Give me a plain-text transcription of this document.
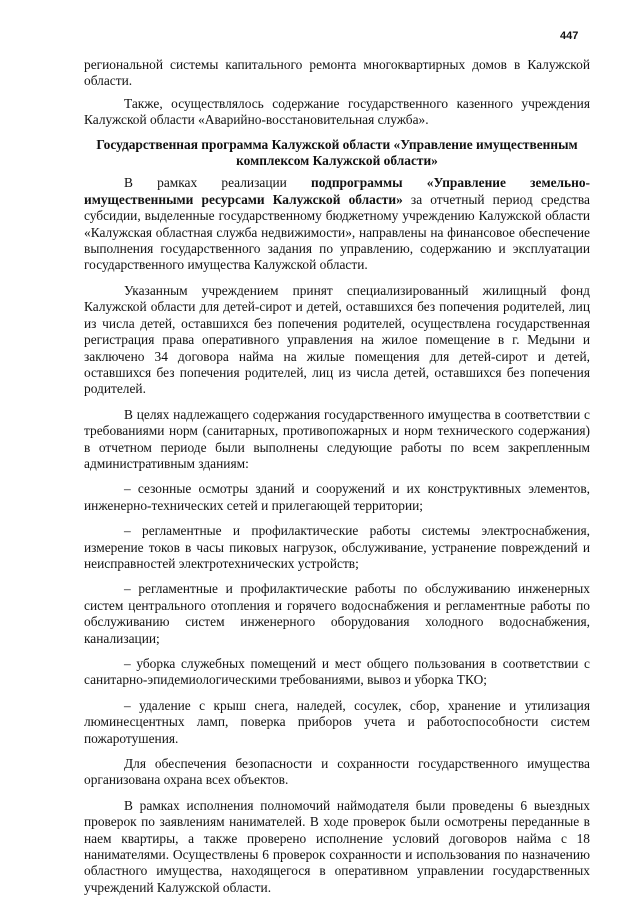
447

региональной системы капитального ремонта многоквартирных домов в Калужской области.

Также, осуществлялось содержание государственного казенного учреждения Калужской области «Аварийно-восстановительная служба».

Государственная программа Калужской области «Управление имущественным комплексом Калужской области»

В рамках реализации подпрограммы «Управление земельно-имущественными ресурсами Калужской области» за отчетный период средства субсидии, выделенные государственному бюджетному учреждению Калужской области «Калужская областная служба недвижимости», направлены на финансовое обеспечение выполнения государственного задания по управлению, содержанию и эксплуатации государственного имущества Калужской области.

Указанным учреждением принят специализированный жилищный фонд Калужской области для детей-сирот и детей, оставшихся без попечения родителей, лиц из числа детей, оставшихся без попечения родителей, осуществлена государственная регистрация права оперативного управления на жилое помещение в г. Медыни и заключено 34 договора найма на жилые помещения для детей-сирот и детей, оставшихся без попечения родителей, лиц из числа детей, оставшихся без попечения родителей.

В целях надлежащего содержания государственного имущества в соответствии с требованиями норм (санитарных, противопожарных и норм технического содержания) в отчетном периоде были выполнены следующие работы по всем закрепленным административным зданиям:

– сезонные осмотры зданий и сооружений и их конструктивных элементов, инженерно-технических сетей и прилегающей территории;

– регламентные и профилактические работы системы электроснабжения, измерение токов в часы пиковых нагрузок, обслуживание, устранение повреждений и неисправностей электротехнических устройств;

– регламентные и профилактические работы по обслуживанию инженерных систем центрального отопления и горячего водоснабжения и регламентные работы по обслуживанию систем инженерного оборудования холодного водоснабжения, канализации;

– уборка служебных помещений и мест общего пользования в соответствии с санитарно-эпидемиологическими требованиями, вывоз и уборка ТКО;

– удаление с крыш снега, наледей, сосулек, сбор, хранение и утилизация люминесцентных ламп, поверка приборов учета и работоспособности систем пожаротушения.

Для обеспечения безопасности и сохранности государственного имущества организована охрана всех объектов.

В рамках исполнения полномочий наймодателя были проведены 6 выездных проверок по заявлениям нанимателей. В ходе проверок были осмотрены переданные в наем квартиры, а также проверено исполнение условий договоров найма с 18 нанимателями. Осуществлены 6 проверок сохранности и использования по назначению областного имущества, находящегося в оперативном управлении государственных учреждений Калужской области.
